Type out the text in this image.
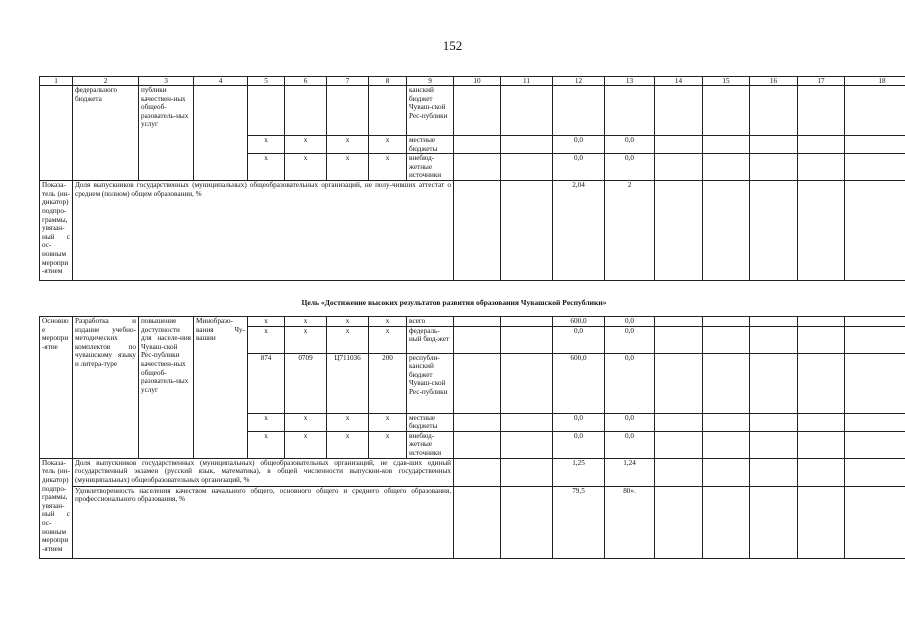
152
1	2	3	4	5	6	7	8	9	10	11	12	13	14	15	16	17	18
	федерального бюджета	публики качествен-ных общеоб-разователь-ных услуг						канский бюджет Чуваш-ской Рес-публики									
				x	x	x	x	местные бюджеты			0,0	0,0					
				x	x	x	x	внебюд-жетные источники			0,0	0,0					
Показа-тель (ин-дикатор) подпро-граммы, увязан-ный с ос-новным меропри-ятием	Доля выпускников государственных (муниципальных) общеобразовательных организаций, не полу-чивших аттестат о среднем (полном) общем образовании, %										2,04	2					
Цель «Достижение высоких результатов развития образования Чувашской Республики»
Основное меропри-ятие	Разработка и издание учебно-методических комплектов по чувашскому языку и литера-туре	повышение доступности для населе-ния Чуваш-ской Рес-публики качествен-ных общеоб-разователь-ных услуг	Минобразо-вания Чу-вашии	x	x	x	x	всего			600,0	0,0					
				x	x	x	x	федераль-ный бюд-жет			0,0	0,0					
				874	0709	Ц711036	200	республи-канский бюджет Чуваш-ской Рес-публики			600,0	0,0					
				x	x	x	x	местные бюджеты			0,0	0,0					
				x	x	x	x	внебюд-жетные источники			0,0	0,0					
Показа-тель (ин-дикатор) подпро-граммы, увязан-ный с ос-новным меропри-ятием	Доля выпускников государственных (муниципальных) общеобразовательных организаций, не сдав-ших единый государственный экзамен (русский язык, математика), в общей численности выпускни-ков государственных (муниципальных) общеобразовательных организаций, %										1,25	1,24					
	Удовлетворенность населения качеством начального общего, основного общего и среднего общего образования, профессионального образования, %										79,5	80».					
